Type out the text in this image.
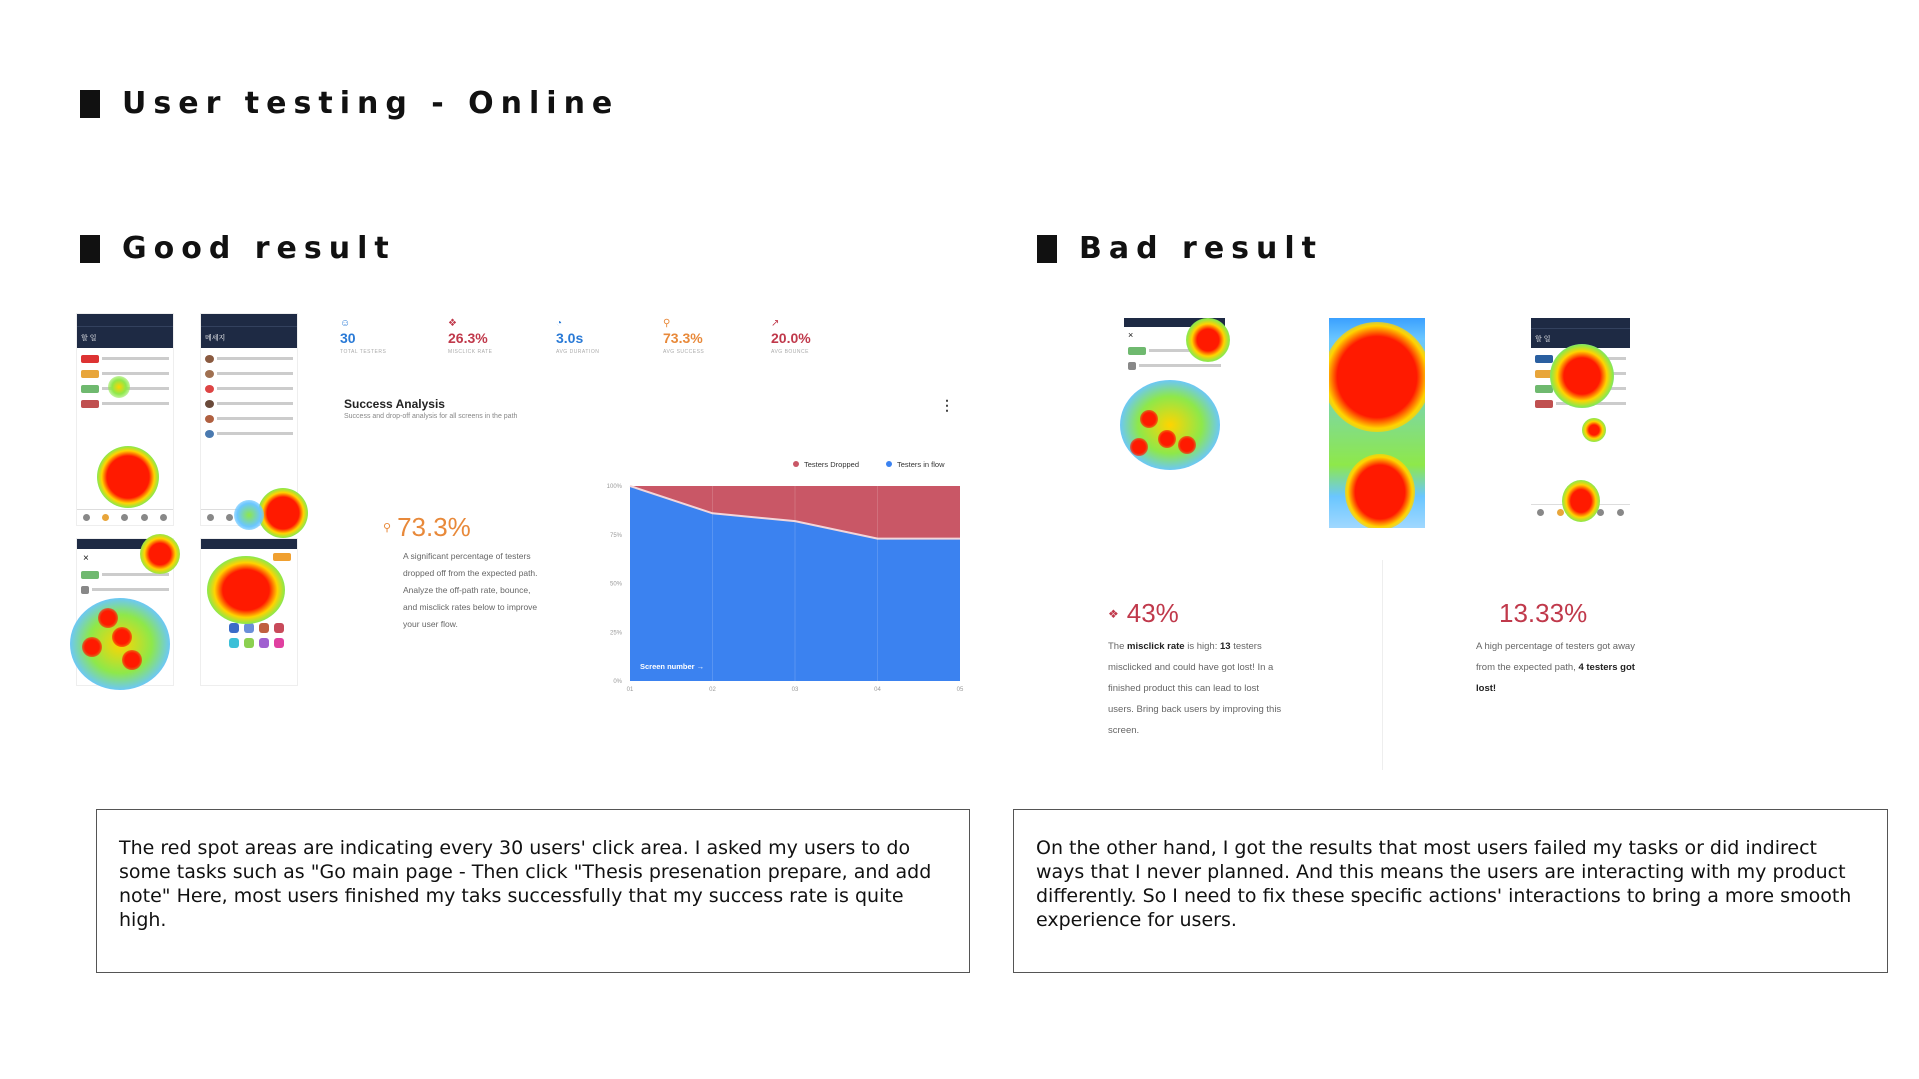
User testing - Online
Good result	Bad result
할 일	메세지
×
☺
30
TOTAL TESTERS
❖
26.3%
MISCLICK RATE
◔
3.0s
AVG DURATION
⚲
73.3%
AVG SUCCESS
↗
20.0%
AVG BOUNCE
Success Analysis
Success and drop-off analysis for all screens in the path
⋮
⚲ 73.3%
A significant percentage of testers dropped off from the expected path. Analyze the off-path rate, bounce, and misclick rates below to improve your user flow.
0%
25%
50%
75%
100%
01	02	03	04	05
Screen number →
Testers Dropped	Testers in flow

The red spot areas are indicating every 30 users' click area. I asked my users to do some tasks such as "Go main page - Then click "Thesis presenation prepare, and add note" Here, most users finished my taks successfully that my success rate is quite high.

×	할 일
❖ 43%
The misclick rate is high: 13 testers misclicked and could have got lost! In a finished product this can lead to lost users. Bring back users by improving this screen.
13.33%
A high percentage of testers got away from the expected path, 4 testers got lost!

On the other hand, I got the results that most users failed my tasks or did indirect ways that I never planned. And this means the users are interacting with my product differently. So I need to fix these specific actions' interactions to bring a more smooth experience for users.
